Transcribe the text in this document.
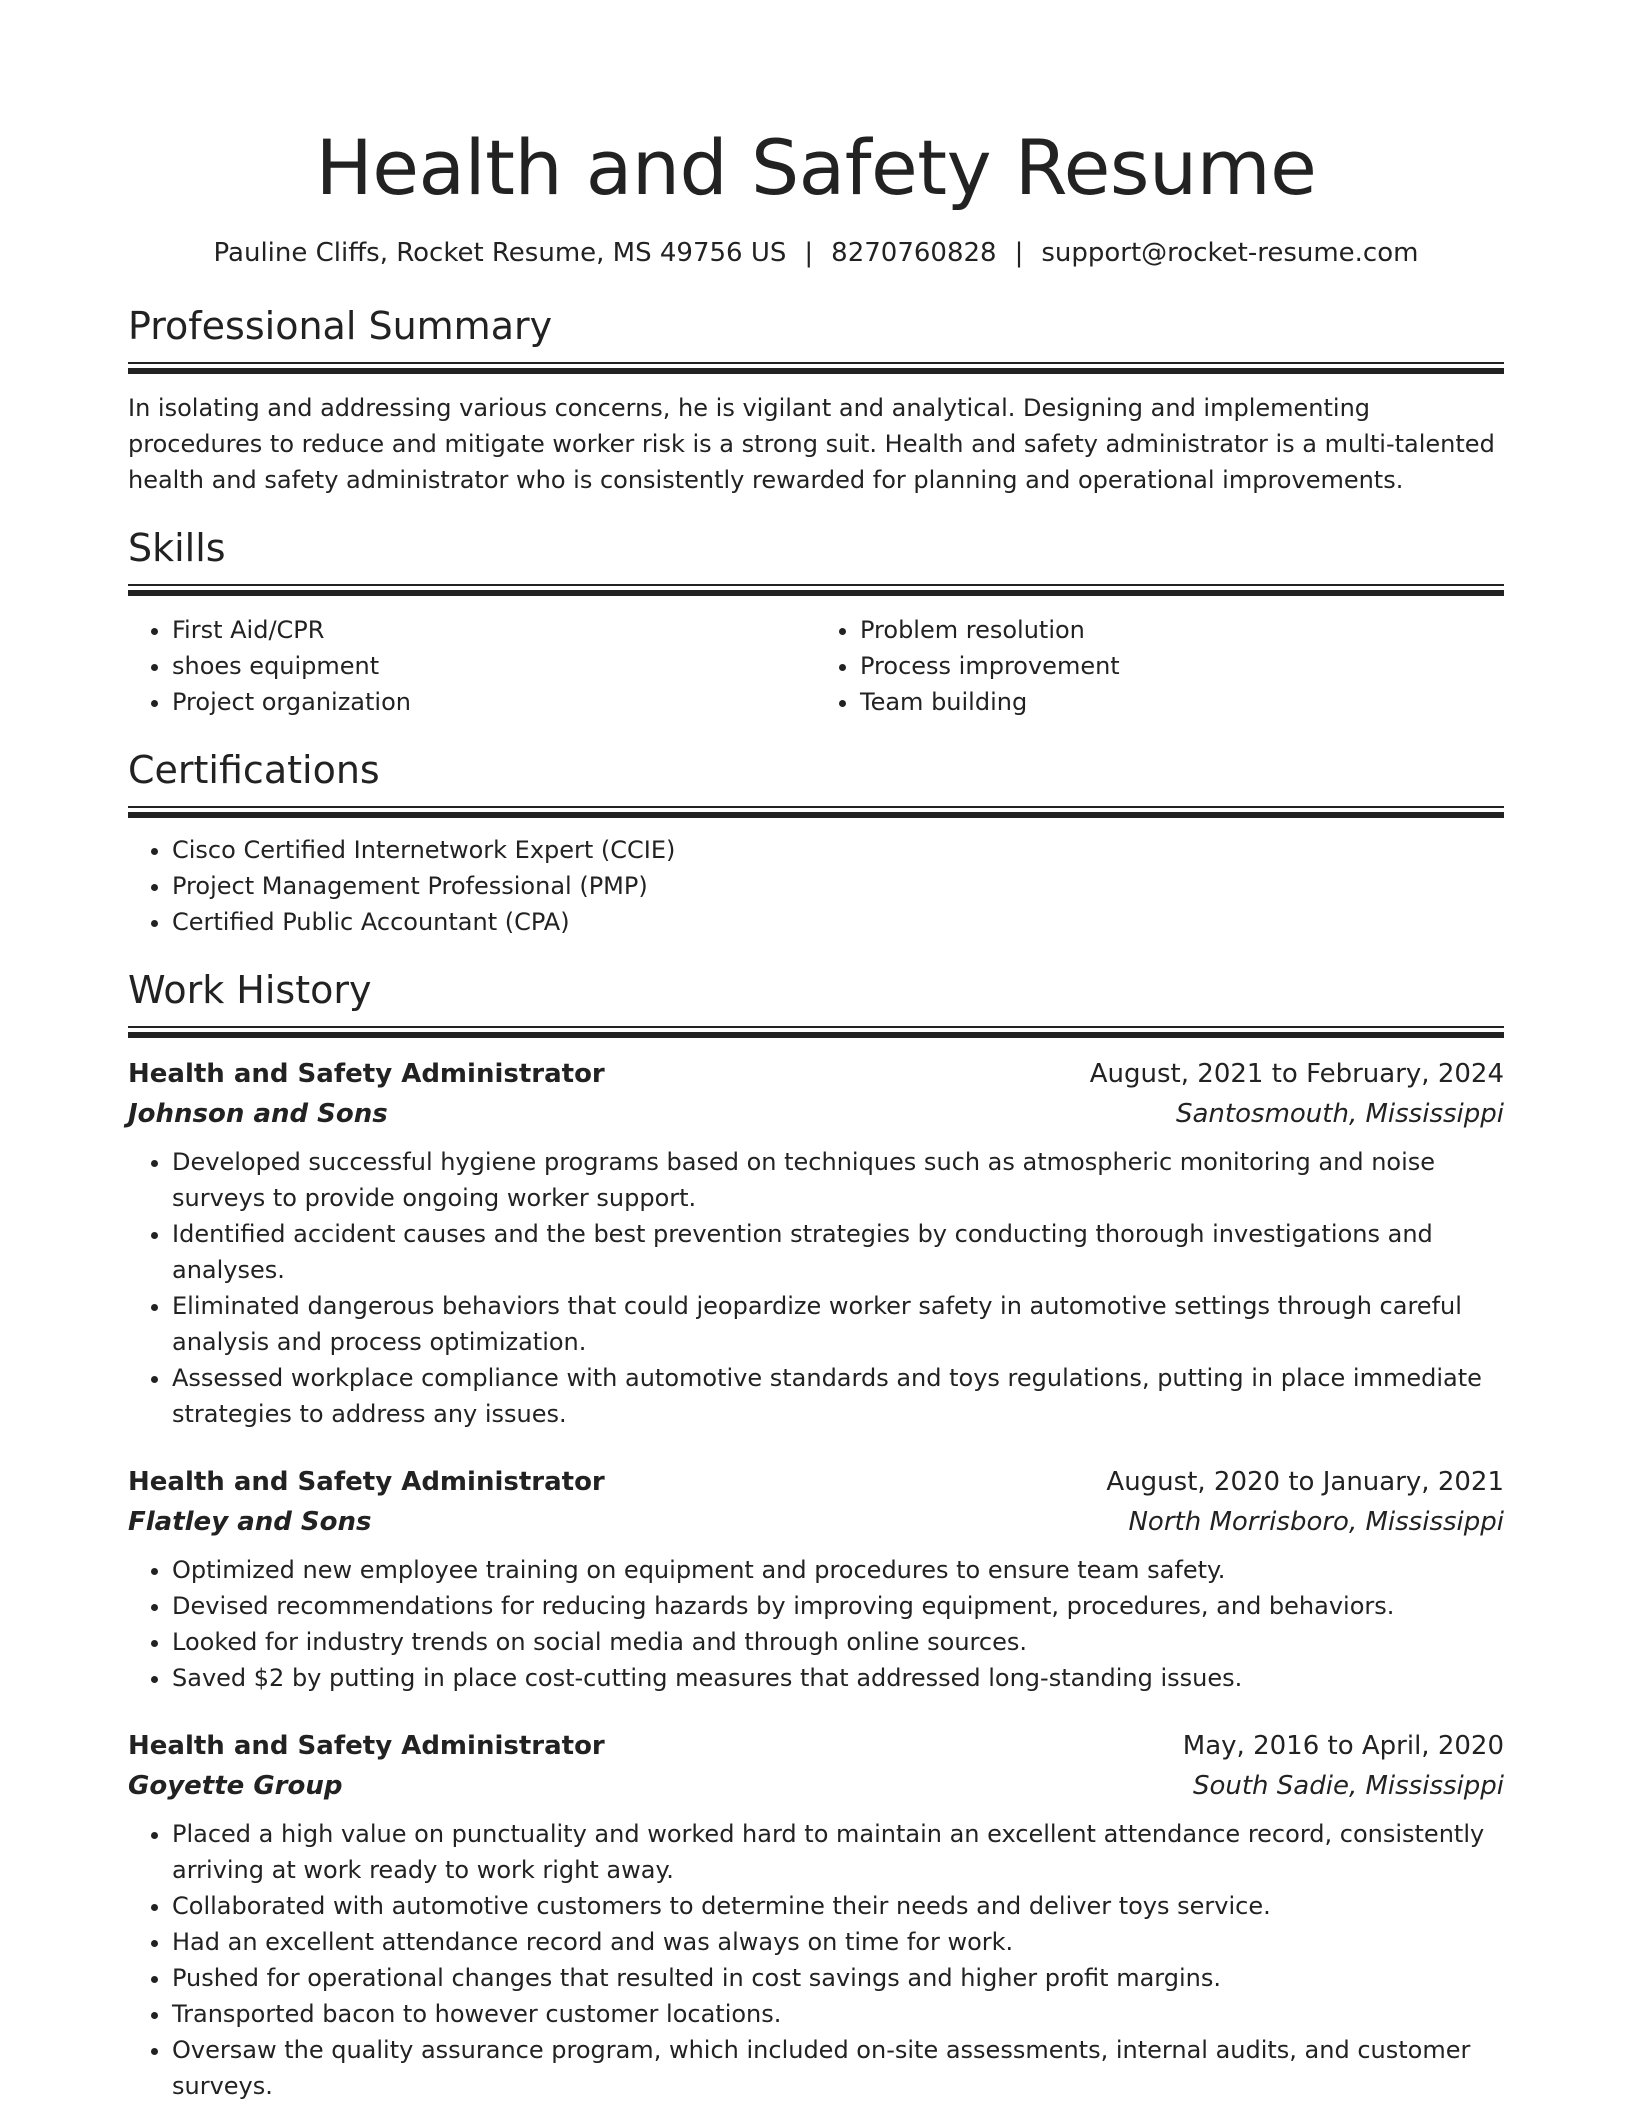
Health and Safety Resume
Pauline Cliffs, Rocket Resume, MS 49756 US | 8270760828 | support@rocket-resume.com
Professional Summary

In isolating and addressing various concerns, he is vigilant and analytical. Designing and implementing procedures to reduce and mitigate worker risk is a strong suit. Health and safety administrator is a multi-talented health and safety administrator who is consistently rewarded for planning and operational improvements.

Skills
• First Aid/CPR
• shoes equipment
• Project organization
• Problem resolution
• Process improvement
• Team building
Certifications
• Cisco Certified Internetwork Expert (CCIE)
• Project Management Professional (PMP)
• Certified Public Accountant (CPA)
Work History
Health and Safety Administrator	August, 2021 to February, 2024
Johnson and Sons	Santosmouth, Mississippi
• Developed successful hygiene programs based on techniques such as atmospheric monitoring and noise surveys to provide ongoing worker support.
• Identified accident causes and the best prevention strategies by conducting thorough investigations and analyses.
• Eliminated dangerous behaviors that could jeopardize worker safety in automotive settings through careful analysis and process optimization.
• Assessed workplace compliance with automotive standards and toys regulations, putting in place immediate strategies to address any issues.
Health and Safety Administrator	August, 2020 to January, 2021
Flatley and Sons	North Morrisboro, Mississippi
• Optimized new employee training on equipment and procedures to ensure team safety.
• Devised recommendations for reducing hazards by improving equipment, procedures, and behaviors.
• Looked for industry trends on social media and through online sources.
• Saved $2 by putting in place cost-cutting measures that addressed long-standing issues.
Health and Safety Administrator	May, 2016 to April, 2020
Goyette Group	South Sadie, Mississippi
• Placed a high value on punctuality and worked hard to maintain an excellent attendance record, consistently arriving at work ready to work right away.
• Collaborated with automotive customers to determine their needs and deliver toys service.
• Had an excellent attendance record and was always on time for work.
• Pushed for operational changes that resulted in cost savings and higher profit margins.
• Transported bacon to however customer locations.
• Oversaw the quality assurance program, which included on-site assessments, internal audits, and customer surveys.
